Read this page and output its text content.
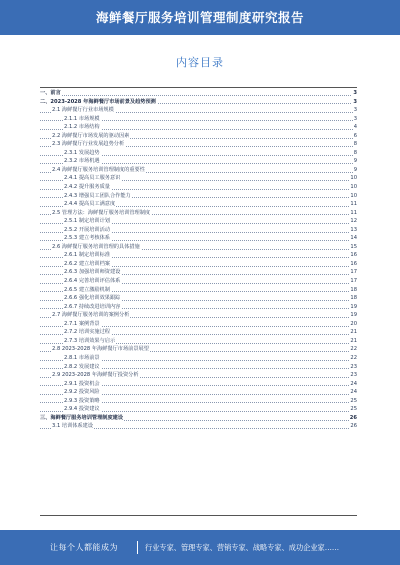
海鲜餐厅服务培训管理制度研究报告
内容目录
一、前言	3
二、2023-2028 年海鲜餐厅市场前景及趋势预测	3
2.1 海鲜餐厅行业市场规模	3
2.1.1 市场规模	3
2.1.2 市场结构	4
2.2 海鲜餐厅市场发展的驱动因素	6
2.3 海鲜餐厅行业发展趋势分析	8
2.3.1 发展趋势	8
2.3.2 市场机遇	9
2.4 海鲜餐厅服务培训管理制度的重要性	9
2.4.1 提高员工服务意识	10
2.4.2 提升服务质量	10
2.4.3 增强员工团队合作能力	10
2.4.4 提高员工满意度	11
2.5 管理方法：海鲜餐厅服务培训管理制度	11
2.5.1 制定培训计划	12
2.5.2 开展培训活动	13
2.5.3 建立考核体系	14
2.6 海鲜餐厅服务培训管理的具体措施	15
2.6.1 制定培训标准	16
2.6.2 建立培训档案	16
2.6.3 加强培训师资建设	17
2.6.4 完善培训评估体系	17
2.6.5 建立激励机制	18
2.6.6 强化培训效果跟踪	18
2.6.7 持续改进培训内容	19
2.7 海鲜餐厅服务培训的案例分析	19
2.7.1 案例背景	20
2.7.2 培训实施过程	21
2.7.3 培训效果与启示	21
2.8 2023-2028 年海鲜餐厅市场前景展望	22
2.8.1 市场前景	22
2.8.2 发展建议	23
2.9 2023-2028 年海鲜餐厅投资分析	23
2.9.1 投资机会	24
2.9.2 投资风险	24
2.9.3 投资策略	25
2.9.4 投资建议	25
三、海鲜餐厅服务培训管理制度建设	26
3.1 培训体系建设	26
让每个人都能成为	行业专家、管理专家、营销专家、战略专家、成功企业家……
